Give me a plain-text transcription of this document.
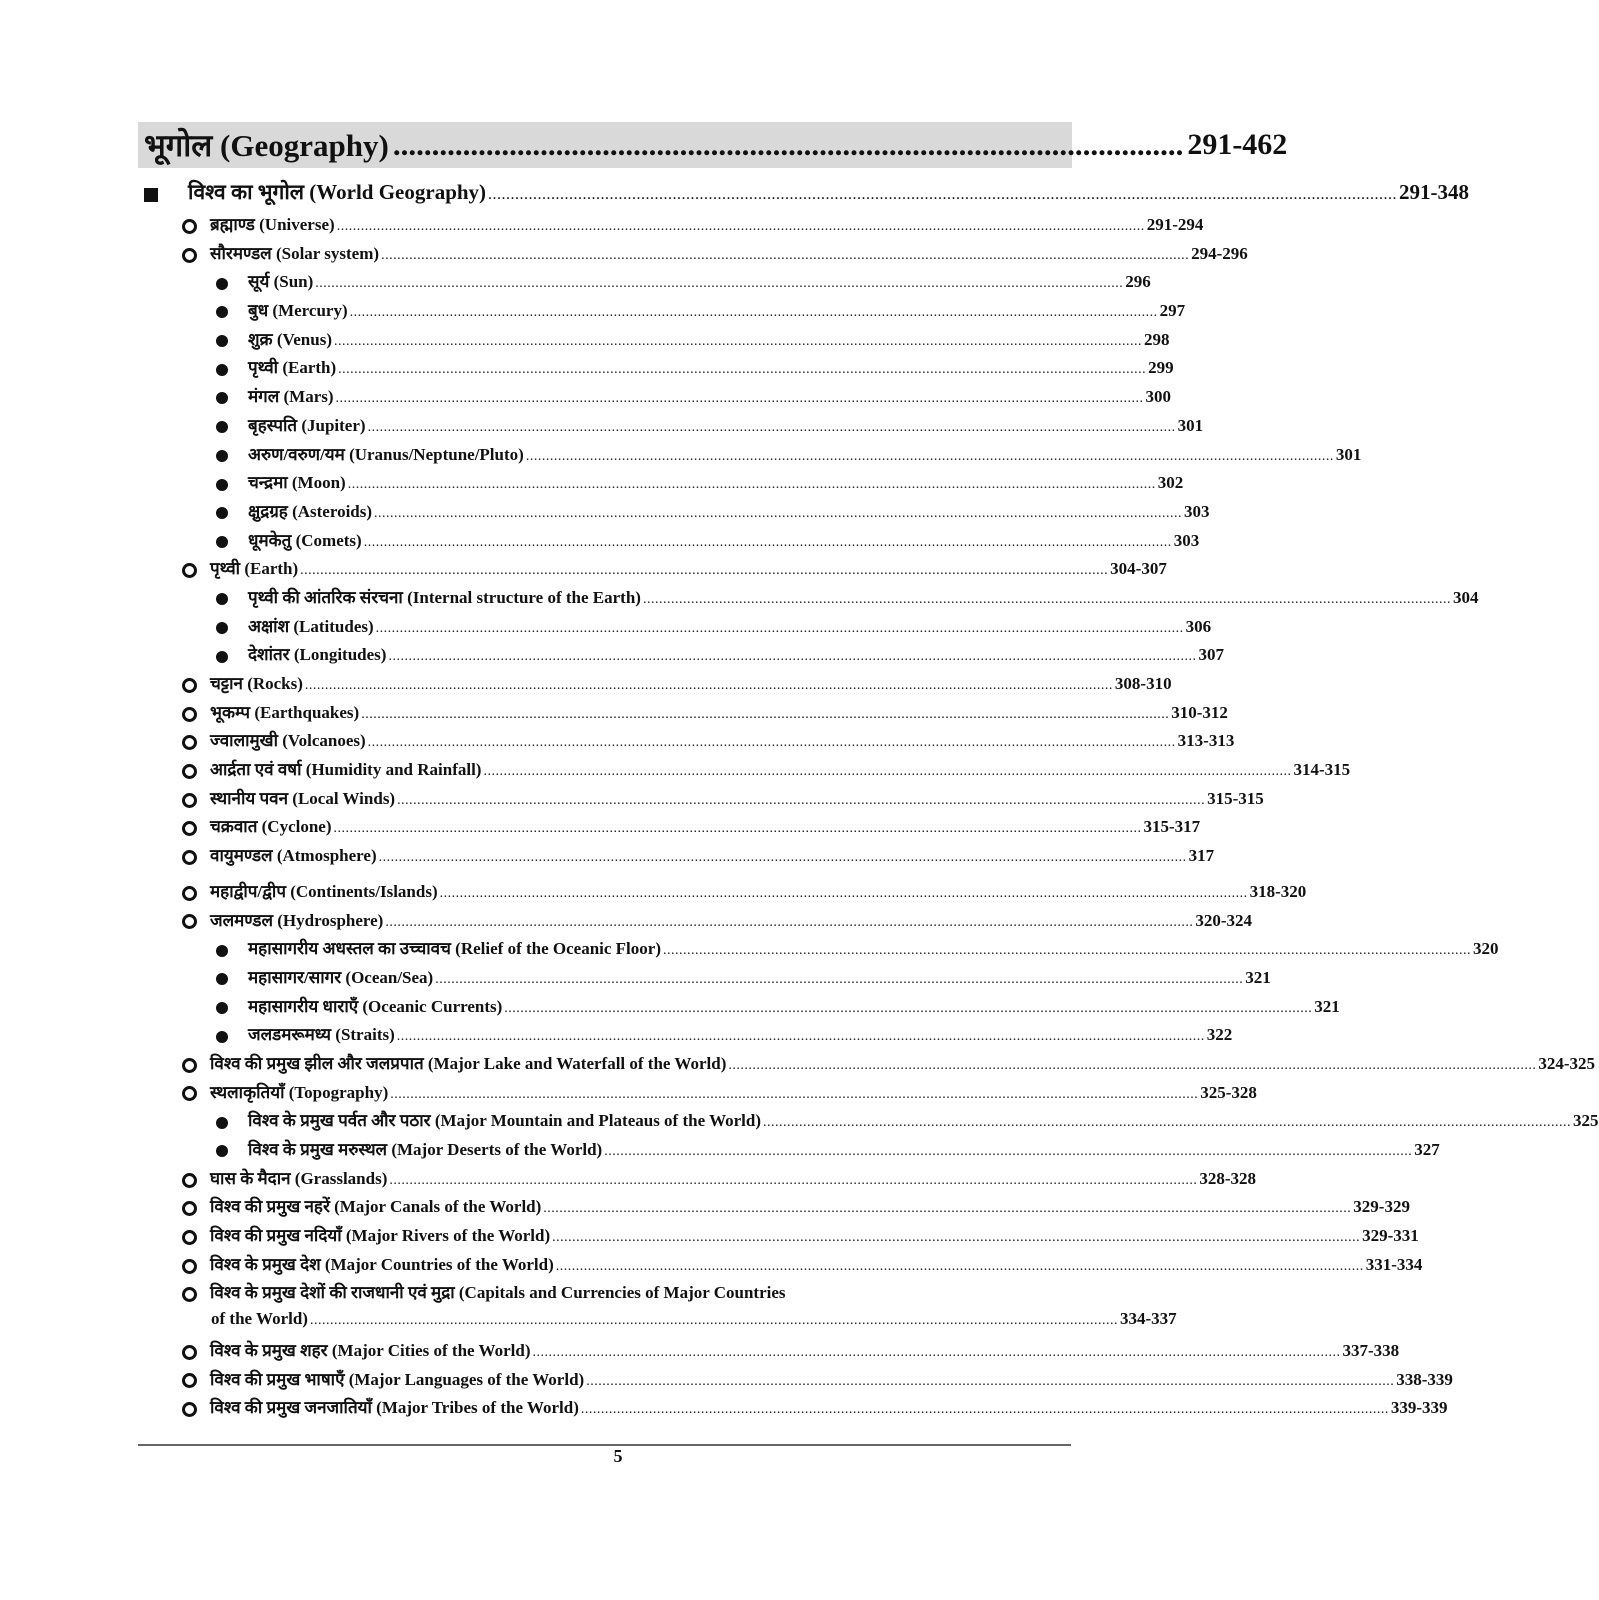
भूगोल (Geography) ...................................................................................................... 291-462
विश्व का भूगोल (World Geography) .......................................................................................................................................................................................................... 291-348
ब्रह्माण्ड (Universe) .......................................................................................................................................................................................................... 291-294
सौरमण्डल (Solar system) .......................................................................................................................................................................................................... 294-296
सूर्य (Sun) .......................................................................................................................................................................................................... 296
बुध (Mercury) .......................................................................................................................................................................................................... 297
शुक्र (Venus) .......................................................................................................................................................................................................... 298
पृथ्वी (Earth) .......................................................................................................................................................................................................... 299
मंगल (Mars) .......................................................................................................................................................................................................... 300
बृहस्पति (Jupiter) .......................................................................................................................................................................................................... 301
अरुण/वरुण/यम (Uranus/Neptune/Pluto) .......................................................................................................................................................................................................... 301
चन्द्रमा (Moon) .......................................................................................................................................................................................................... 302
क्षुद्रग्रह (Asteroids) .......................................................................................................................................................................................................... 303
धूमकेतु (Comets) .......................................................................................................................................................................................................... 303
पृथ्वी (Earth) .......................................................................................................................................................................................................... 304-307
पृथ्वी की आंतरिक संरचना (Internal structure of the Earth) .......................................................................................................................................................................................................... 304
अक्षांश (Latitudes) .......................................................................................................................................................................................................... 306
देशांतर (Longitudes) .......................................................................................................................................................................................................... 307
चट्टान (Rocks) .......................................................................................................................................................................................................... 308-310
भूकम्प (Earthquakes) .......................................................................................................................................................................................................... 310-312
ज्वालामुखी (Volcanoes) .......................................................................................................................................................................................................... 313-313
आर्द्रता एवं वर्षा (Humidity and Rainfall) .......................................................................................................................................................................................................... 314-315
स्थानीय पवन (Local Winds) .......................................................................................................................................................................................................... 315-315
चक्रवात (Cyclone) .......................................................................................................................................................................................................... 315-317
वायुमण्डल (Atmosphere) .......................................................................................................................................................................................................... 317
महाद्वीप/द्वीप (Continents/Islands) .......................................................................................................................................................................................................... 318-320
जलमण्डल (Hydrosphere) .......................................................................................................................................................................................................... 320-324
महासागरीय अधस्तल का उच्चावच (Relief of the Oceanic Floor) .......................................................................................................................................................................................................... 320
महासागर/सागर (Ocean/Sea) .......................................................................................................................................................................................................... 321
महासागरीय धाराएँ (Oceanic Currents) .......................................................................................................................................................................................................... 321
जलडमरूमध्य (Straits) .......................................................................................................................................................................................................... 322
विश्व की प्रमुख झील और जलप्रपात (Major Lake and Waterfall of the World) .......................................................................................................................................................................................................... 324-325
स्थलाकृतियाँ (Topography) .......................................................................................................................................................................................................... 325-328
विश्व के प्रमुख पर्वत और पठार (Major Mountain and Plateaus of the World) .......................................................................................................................................................................................................... 325
विश्व के प्रमुख मरुस्थल (Major Deserts of the World) .......................................................................................................................................................................................................... 327
घास के मैदान (Grasslands) .......................................................................................................................................................................................................... 328-328
विश्व की प्रमुख नहरें (Major Canals of the World) .......................................................................................................................................................................................................... 329-329
विश्व की प्रमुख नदियाँ (Major Rivers of the World) .......................................................................................................................................................................................................... 329-331
विश्व के प्रमुख देश (Major Countries of the World) .......................................................................................................................................................................................................... 331-334
विश्व के प्रमुख देशों की राजधानी एवं मुद्रा (Capitals and Currencies of Major Countries
of the World) .......................................................................................................................................................................................................... 334-337
विश्व के प्रमुख शहर (Major Cities of the World) .......................................................................................................................................................................................................... 337-338
विश्व की प्रमुख भाषाएँ (Major Languages of the World) .......................................................................................................................................................................................................... 338-339
विश्व की प्रमुख जनजातियाँ (Major Tribes of the World) .......................................................................................................................................................................................................... 339-339
5
